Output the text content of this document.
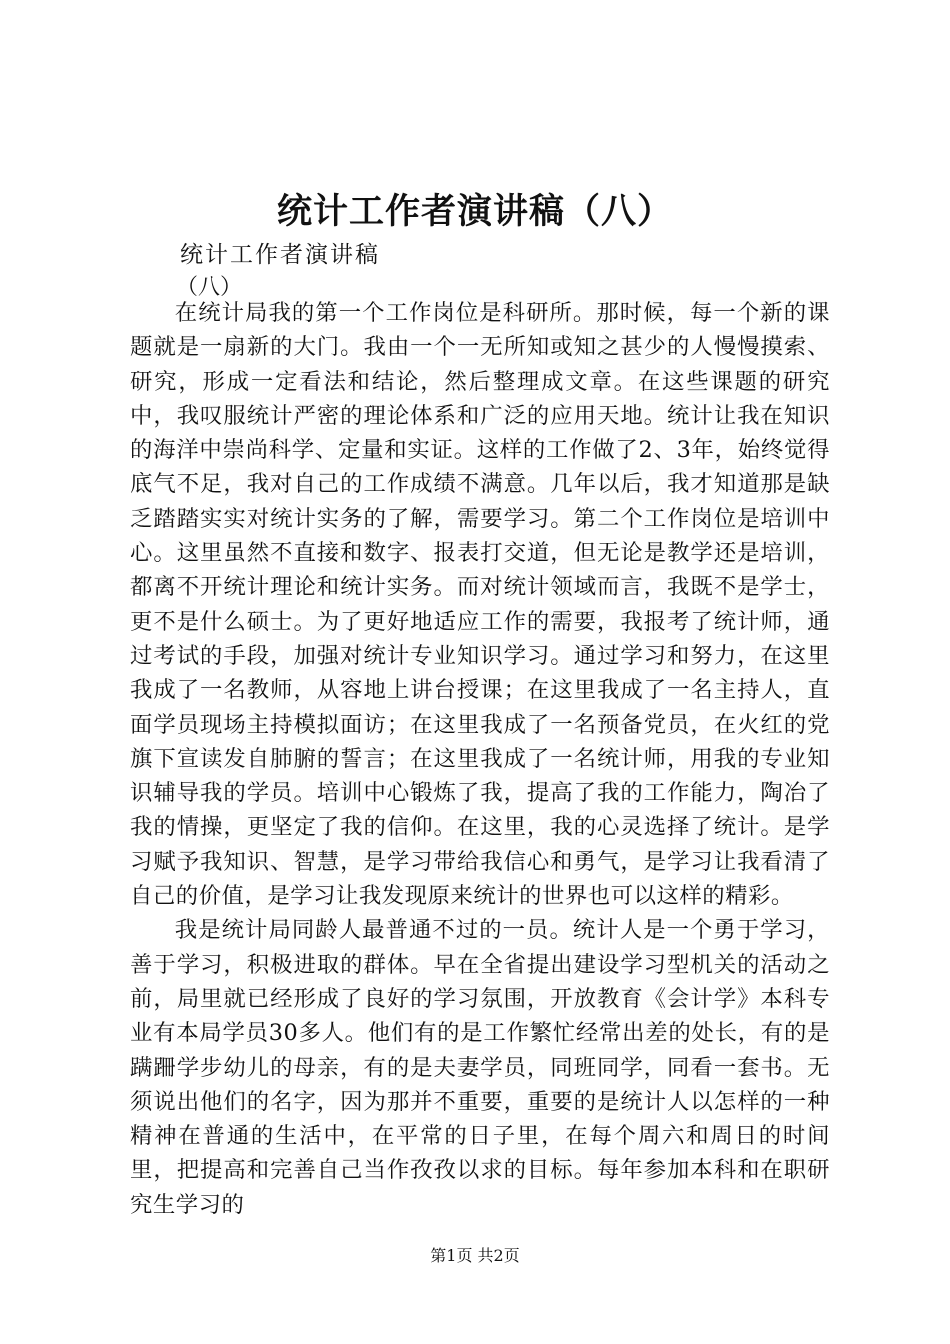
统计工作者演讲稿（八）

统计工作者演讲稿

（八）

在统计局我的第一个工作岗位是科研所。那时候，每一个新的课题就是一扇新的大门。我由一个一无所知或知之甚少的人慢慢摸索、研究，形成一定看法和结论，然后整理成文章。在这些课题的研究中，我叹服统计严密的理论体系和广泛的应用天地。统计让我在知识的海洋中崇尚科学、定量和实证。这样的工作做了2、3年，始终觉得底气不足，我对自己的工作成绩不满意。几年以后，我才知道那是缺乏踏踏实实对统计实务的了解，需要学习。第二个工作岗位是培训中心。这里虽然不直接和数字、报表打交道，但无论是教学还是培训，都离不开统计理论和统计实务。而对统计领域而言，我既不是学士，更不是什么硕士。为了更好地适应工作的需要，我报考了统计师，通过考试的手段，加强对统计专业知识学习。通过学习和努力，在这里我成了一名教师，从容地上讲台授课；在这里我成了一名主持人，直面学员现场主持模拟面访；在这里我成了一名预备党员，在火红的党旗下宣读发自肺腑的誓言；在这里我成了一名统计师，用我的专业知识辅导我的学员。培训中心锻炼了我，提高了我的工作能力，陶冶了我的情操，更坚定了我的信仰。在这里，我的心灵选择了统计。是学习赋予我知识、智慧，是学习带给我信心和勇气，是学习让我看清了自己的价值，是学习让我发现原来统计的世界也可以这样的精彩。

我是统计局同龄人最普通不过的一员。统计人是一个勇于学习，善于学习，积极进取的群体。早在全省提出建设学习型机关的活动之前，局里就已经形成了良好的学习氛围，开放教育《会计学》本科专业有本局学员30多人。他们有的是工作繁忙经常出差的处长，有的是蹒跚学步幼儿的母亲，有的是夫妻学员，同班同学，同看一套书。无须说出他们的名字，因为那并不重要，重要的是统计人以怎样的一种精神在普通的生活中，在平常的日子里，在每个周六和周日的时间里，把提高和完善自己当作孜孜以求的目标。每年参加本科和在职研究生学习的

第1页 共2页
